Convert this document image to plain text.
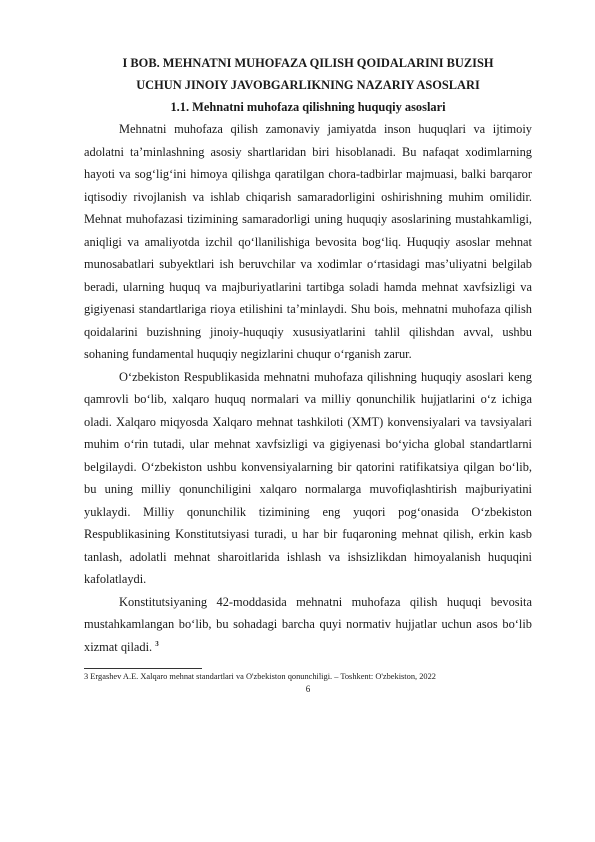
I BOB. MEHNATNI MUHOFAZA QILISH QOIDALARINI BUZISH

UCHUN JINOIY JAVOBGARLIKNING NAZARIY ASOSLARI

1.1. Mehnatni muhofaza qilishning huquqiy asoslari

Mehnatni muhofaza qilish zamonaviy jamiyatda inson huquqlari va ijtimoiy adolatni ta’minlashning asosiy shartlaridan biri hisoblanadi. Bu nafaqat xodimlarning hayoti va sog‘lig‘ini himoya qilishga qaratilgan chora-tadbirlar majmuasi, balki barqaror iqtisodiy rivojlanish va ishlab chiqarish samaradorligini oshirishning muhim omilidir. Mehnat muhofazasi tizimining samaradorligi uning huquqiy asoslarining mustahkamligi, aniqligi va amaliyotda izchil qo‘llanilishiga bevosita bog‘liq. Huquqiy asoslar mehnat munosabatlari subyektlari ish beruvchilar va xodimlar o‘rtasidagi mas’uliyatni belgilab beradi, ularning huquq va majburiyatlarini tartibga soladi hamda mehnat xavfsizligi va gigiyenasi standartlariga rioya etilishini ta’minlaydi. Shu bois, mehnatni muhofaza qilish qoidalarini buzishning jinoiy-huquqiy xususiyatlarini tahlil qilishdan avval, ushbu sohaning fundamental huquqiy negizlarini chuqur o‘rganish zarur.

O‘zbekiston Respublikasida mehnatni muhofaza qilishning huquqiy asoslari keng qamrovli bo‘lib, xalqaro huquq normalari va milliy qonunchilik hujjatlarini o‘z ichiga oladi. Xalqaro miqyosda Xalqaro mehnat tashkiloti (XMT) konvensiyalari va tavsiyalari muhim o‘rin tutadi, ular mehnat xavfsizligi va gigiyenasi bo‘yicha global standartlarni belgilaydi. O‘zbekiston ushbu konvensiyalarning bir qatorini ratifikatsiya qilgan bo‘lib, bu uning milliy qonunchiligini xalqaro normalarga muvofiqlashtirish majburiyatini yuklaydi. Milliy qonunchilik tizimining eng yuqori pog‘onasida O‘zbekiston Respublikasining Konstitutsiyasi turadi, u har bir fuqaroning mehnat qilish, erkin kasb tanlash, adolatli mehnat sharoitlarida ishlash va ishsizlikdan himoyalanish huquqini kafolatlaydi.

Konstitutsiyaning 42-moddasida mehnatni muhofaza qilish huquqi bevosita mustahkamlangan bo‘lib, bu sohadagi barcha quyi normativ hujjatlar uchun asos bo‘lib xizmat qiladi. $^3$

3 Ergashev A.E. Xalqaro mehnat standartlari va O'zbekiston qonunchiligi. – Toshkent: O'zbekiston, 2022

6
